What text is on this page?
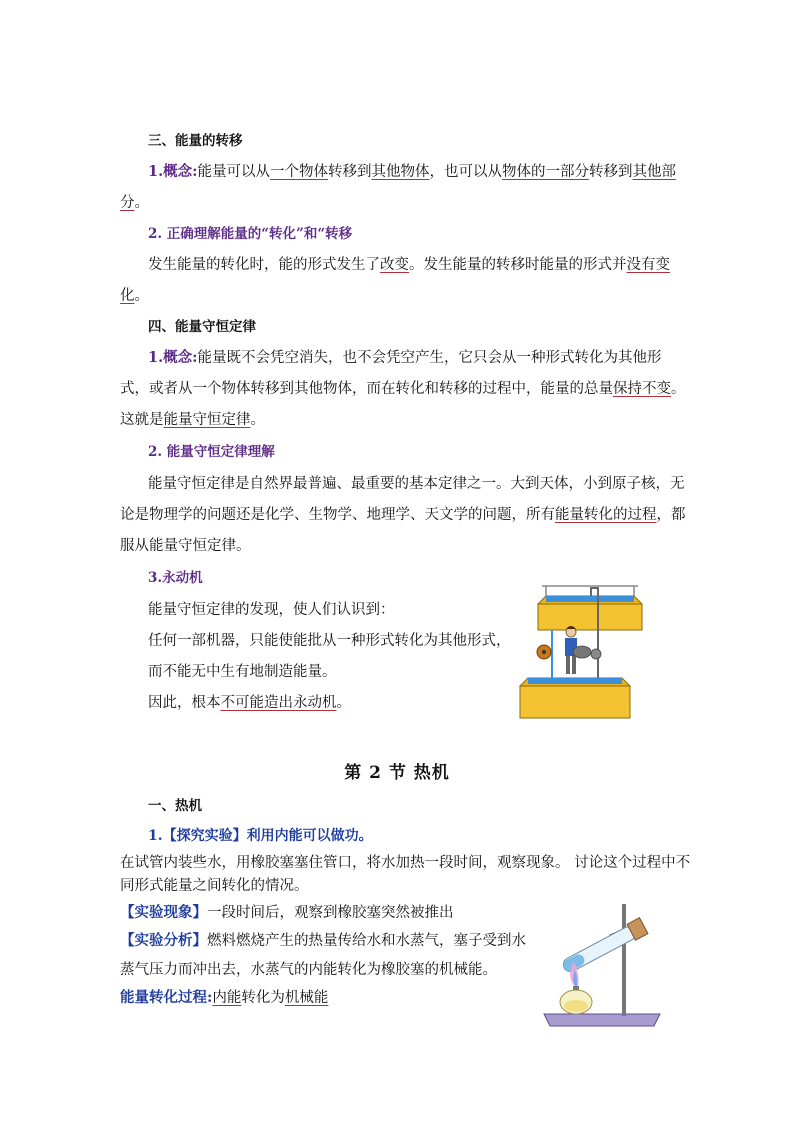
三、能量的转移
1.概念:能量可以从一个物体转移到其他物体，也可以从物体的一部分转移到其他部
分。
2. 正确理解能量的“转化”和“转移
发生能量的转化时，能的形式发生了改变。发生能量的转移时能量的形式并没有变
化。
四、能量守恒定律
1.概念:能量既不会凭空消失，也不会凭空产生，它只会从一种形式转化为其他形
式，或者从一个物体转移到其他物体，而在转化和转移的过程中，能量的总量保持不变。
这就是能量守恒定律。
2. 能量守恒定律理解
能量守恒定律是自然界最普遍、最重要的基本定律之一。大到天体，小到原子核，无
论是物理学的问题还是化学、生物学、地理学、天文学的问题，所有能量转化的过程，都
服从能量守恒定律。
3.永动机
能量守恒定律的发现，使人们认识到：
任何一部机器，只能使能批从一种形式转化为其他形式，
而不能无中生有地制造能量。
因此，根本不可能造出永动机。
第 2 节 热机
一、热机
1.【探究实验】利用内能可以做功。
在试管内装些水，用橡胶塞塞住管口，将水加热一段时间，观察现象。 讨论这个过程中不
同形式能量之间转化的情况。
【实验现象】一段时间后，观察到橡胶塞突然被推出
【实验分析】燃料燃烧产生的热量传给水和水蒸气，塞子受到水
蒸气压力而冲出去，水蒸气的内能转化为橡胶塞的机械能。
能量转化过程:内能转化为机械能
